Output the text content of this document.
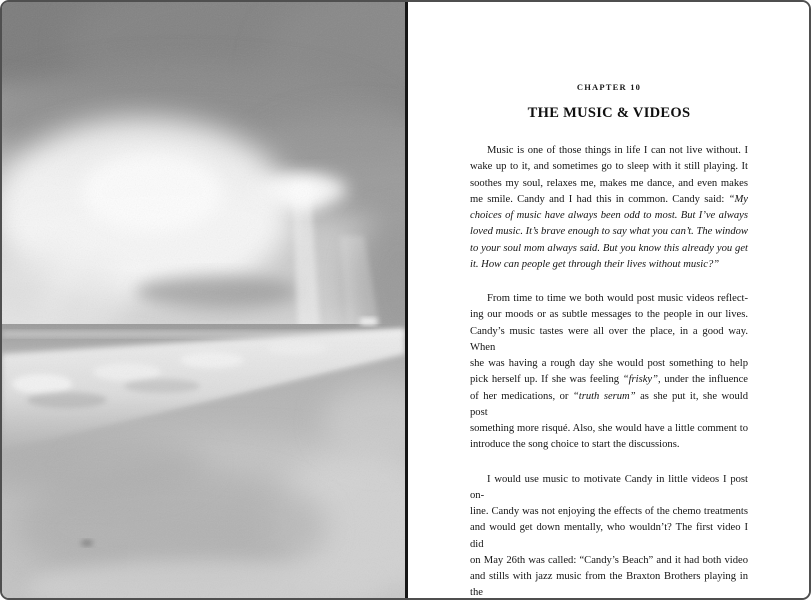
CHAPTER 10
THE MUSIC & VIDEOS
Music is one of those things in life I can not live without. I
wake up to it, and sometimes go to sleep with it still playing. It
soothes my soul, relaxes me, makes me dance, and even makes
me smile. Candy and I had this in common. Candy said: “My
choices of music have always been odd to most. But I’ve always
loved music. It’s brave enough to say what you can’t. The window
to your soul mom always said. But you know this already you get
it. How can people get through their lives without music?”
From time to time we both would post music videos reflect-
ing our moods or as subtle messages to the people in our lives.
Candy’s music tastes were all over the place, in a good way. When
she was having a rough day she would post something to help
pick herself up. If she was feeling “frisky”, under the influence
of her medications, or “truth serum” as she put it, she would post
something more risqué. Also, she would have a little comment to
introduce the song choice to start the discussions.
I would use music to motivate Candy in little videos I post on-
line. Candy was not enjoying the effects of the chemo treatments
and would get down mentally, who wouldn’t? The first video I did
on May 26th was called: “Candy’s Beach” and it had both video
and stills with jazz music from the Braxton Brothers playing in the
